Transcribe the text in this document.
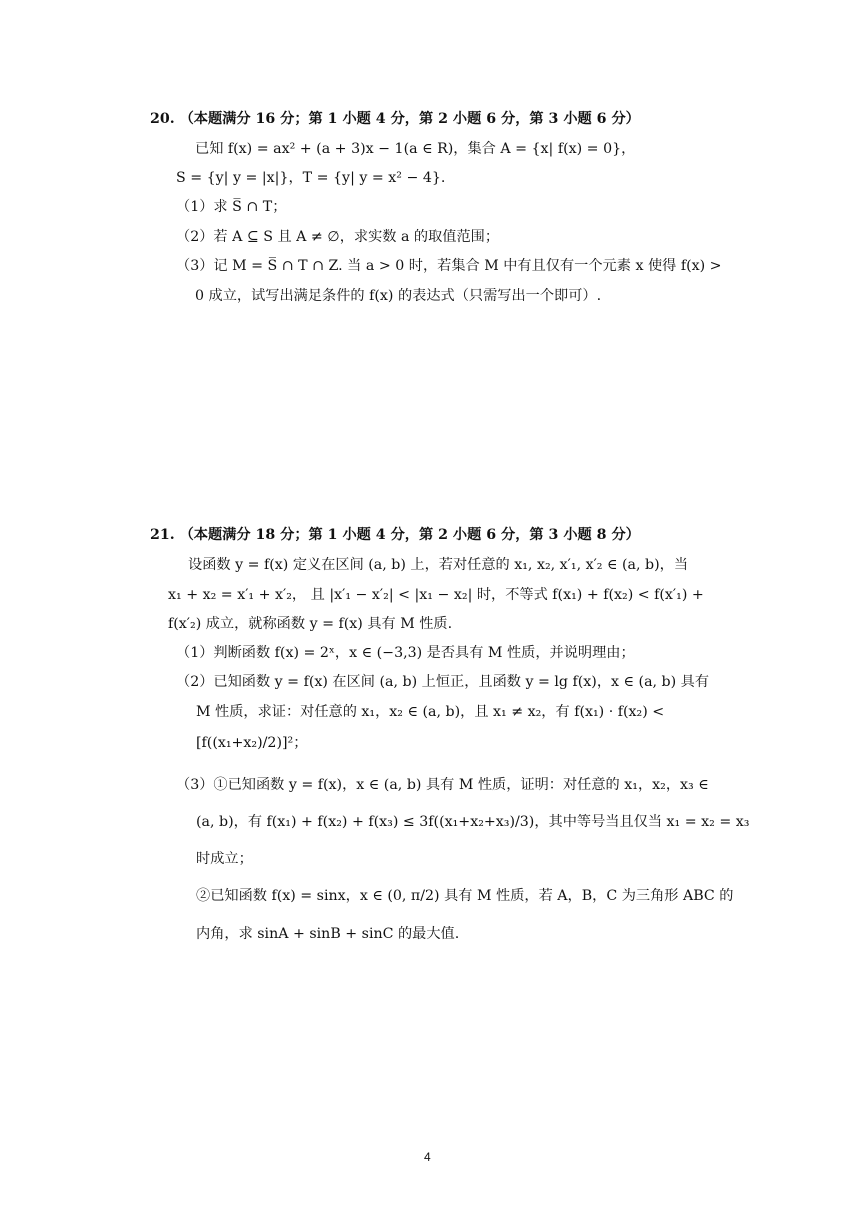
20. （本题满分 16 分；第 1 小题 4 分，第 2 小题 6 分，第 3 小题 6 分）
已知 f(x) = ax² + (a + 3)x − 1(a ∈ R)，集合 A = {x| f(x) = 0}，
S = {y| y = |x|}，T = {y| y = x² − 4}.
（1）求 S̅ ∩ T；
（2）若 A ⊆ S 且 A ≠ ∅，求实数 a 的取值范围；
（3）记 M = S̅ ∩ T ∩ Z. 当 a > 0 时，若集合 M 中有且仅有一个元素 x 使得 f(x) >
0 成立，试写出满足条件的 f(x) 的表达式（只需写出一个即可）.
21. （本题满分 18 分；第 1 小题 4 分，第 2 小题 6 分，第 3 小题 8 分）
设函数 y = f(x) 定义在区间 (a, b) 上，若对任意的 x₁, x₂, x′₁, x′₂ ∈ (a, b)，当
x₁ + x₂ = x′₁ + x′₂， 且 |x′₁ − x′₂| < |x₁ − x₂| 时，不等式 f(x₁) + f(x₂) < f(x′₁) +
f(x′₂) 成立，就称函数 y = f(x) 具有 M 性质.
（1）判断函数 f(x) = 2ˣ，x ∈ (−3,3) 是否具有 M 性质，并说明理由；
（2）已知函数 y = f(x) 在区间 (a, b) 上恒正，且函数 y = lg f(x)，x ∈ (a, b) 具有
M 性质，求证：对任意的 x₁，x₂ ∈ (a, b)，且 x₁ ≠ x₂，有 f(x₁) · f(x₂) <
[f((x₁+x₂)/2)]²；
（3）①已知函数 y = f(x)，x ∈ (a, b) 具有 M 性质，证明：对任意的 x₁，x₂，x₃ ∈
(a, b)，有 f(x₁) + f(x₂) + f(x₃) ≤ 3f((x₁+x₂+x₃)/3)，其中等号当且仅当 x₁ = x₂ = x₃
时成立；
②已知函数 f(x) = sinx，x ∈ (0, π/2) 具有 M 性质，若 A，B，C 为三角形 ABC 的
内角，求 sinA + sinB + sinC 的最大值.
4
